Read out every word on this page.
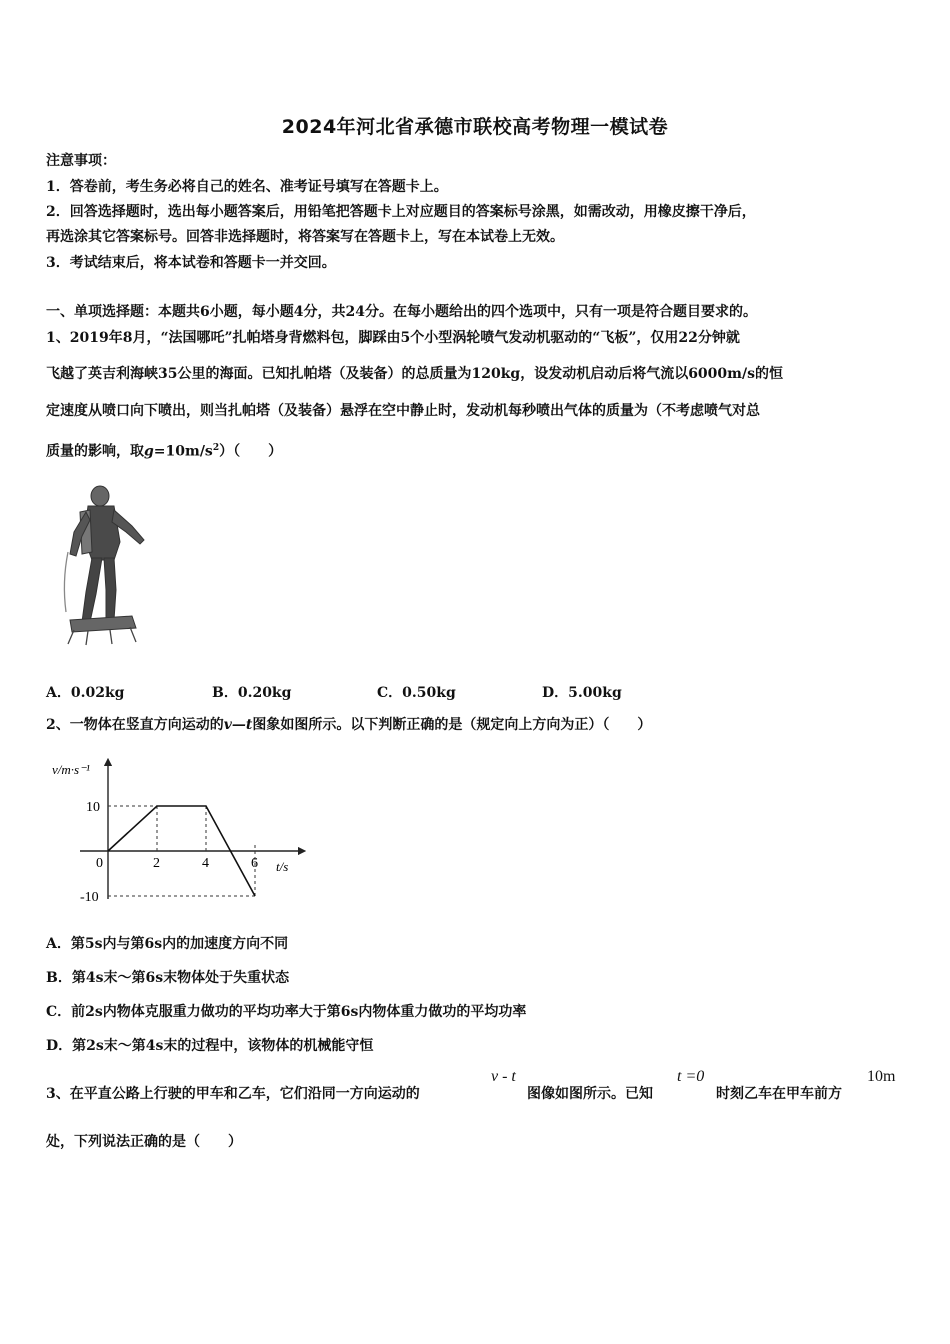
2024年河北省承德市联校高考物理一模试卷
注意事项：
1．答卷前，考生务必将自己的姓名、准考证号填写在答题卡上。
2．回答选择题时，选出每小题答案后，用铅笔把答题卡上对应题目的答案标号涂黑，如需改动，用橡皮擦干净后，
再选涂其它答案标号。回答非选择题时，将答案写在答题卡上，写在本试卷上无效。
3．考试结束后，将本试卷和答题卡一并交回。
一、单项选择题：本题共6小题，每小题4分，共24分。在每小题给出的四个选项中，只有一项是符合题目要求的。
1、2019年8月，“法国哪吒”扎帕塔身背燃料包，脚踩由5个小型涡轮喷气发动机驱动的“飞板”，仅用22分钟就
飞越了英吉利海峡35公里的海面。已知扎帕塔（及装备）的总质量为120kg，设发动机启动后将气流以6000m/s的恒
定速度从喷口向下喷出，则当扎帕塔（及装备）悬浮在空中静止时，发动机每秒喷出气体的质量为（不考虑喷气对总
质量的影响，取$g=10m/s^2$）（　　）
A．0.02kg	B．0.20kg	C．0.50kg	D．5.00kg
2、一物体在竖直方向运动的v—t图象如图所示。以下判断正确的是（规定向上方向为正）（　　）
v/m·s⁻¹
t/s
0	2	4	6
10
-10
A．第5s内与第6s内的加速度方向不同
B．第4s末～第6s末物体处于失重状态
C．前2s内物体克服重力做功的平均功率大于第6s内物体重力做功的平均功率
D．第2s末～第4s末的过程中，该物体的机械能守恒
3、在平直公路上行驶的甲车和乙车，它们沿同一方向运动的
v - t
图像如图所示。已知
t =0
时刻乙车在甲车前方
10m
处，下列说法正确的是（　　）
